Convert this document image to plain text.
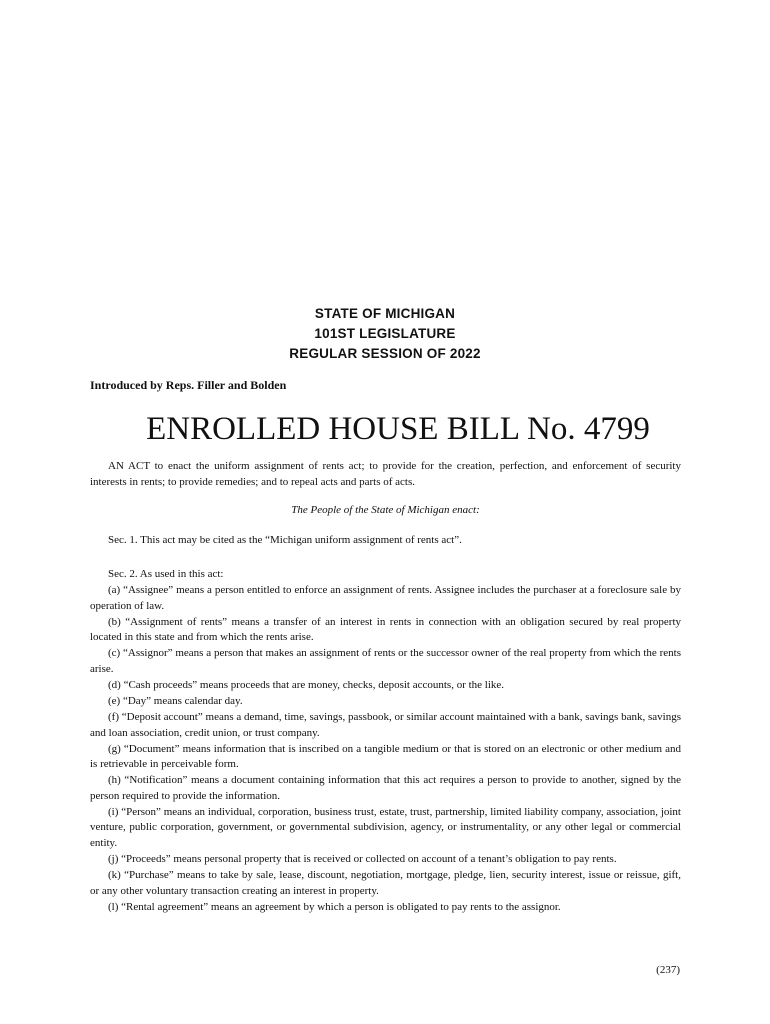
STATE OF MICHIGAN
101ST LEGISLATURE
REGULAR SESSION OF 2022
Introduced by Reps. Filler and Bolden
ENROLLED HOUSE BILL No. 4799

AN ACT to enact the uniform assignment of rents act; to provide for the creation, perfection, and enforcement of security interests in rents; to provide remedies; and to repeal acts and parts of acts.

The People of the State of Michigan enact:

Sec. 1. This act may be cited as the “Michigan uniform assignment of rents act”.

Sec. 2. As used in this act:

(a) “Assignee” means a person entitled to enforce an assignment of rents. Assignee includes the purchaser at a foreclosure sale by operation of law.

(b) “Assignment of rents” means a transfer of an interest in rents in connection with an obligation secured by real property located in this state and from which the rents arise.

(c) “Assignor” means a person that makes an assignment of rents or the successor owner of the real property from which the rents arise.

(d) “Cash proceeds” means proceeds that are money, checks, deposit accounts, or the like.

(e) “Day” means calendar day.

(f) “Deposit account” means a demand, time, savings, passbook, or similar account maintained with a bank, savings bank, savings and loan association, credit union, or trust company.

(g) “Document” means information that is inscribed on a tangible medium or that is stored on an electronic or other medium and is retrievable in perceivable form.

(h) “Notification” means a document containing information that this act requires a person to provide to another, signed by the person required to provide the information.

(i) “Person” means an individual, corporation, business trust, estate, trust, partnership, limited liability company, association, joint venture, public corporation, government, or governmental subdivision, agency, or instrumentality, or any other legal or commercial entity.

(j) “Proceeds” means personal property that is received or collected on account of a tenant’s obligation to pay rents.

(k) “Purchase” means to take by sale, lease, discount, negotiation, mortgage, pledge, lien, security interest, issue or reissue, gift, or any other voluntary transaction creating an interest in property.

(l) “Rental agreement” means an agreement by which a person is obligated to pay rents to the assignor.

(237)
